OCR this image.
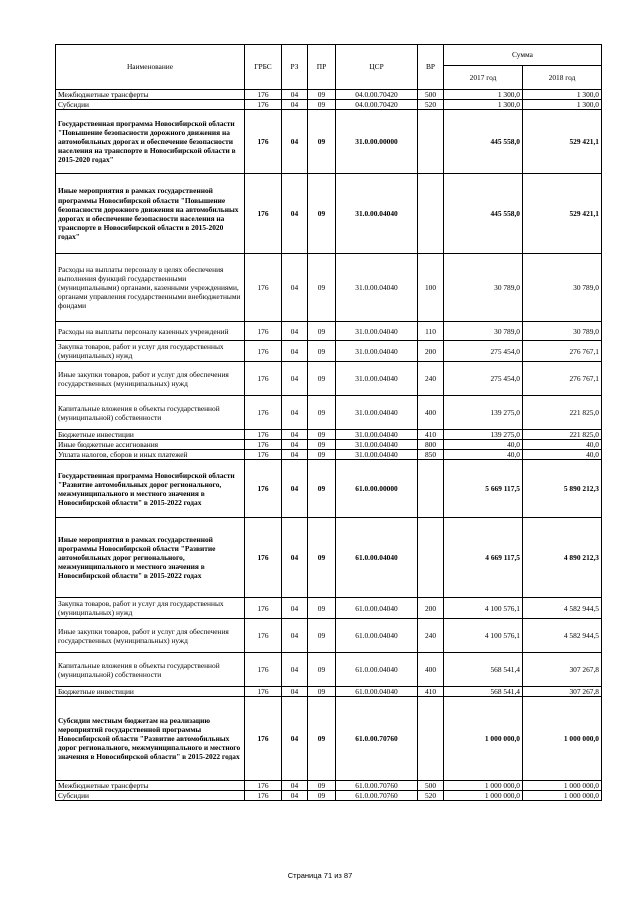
Наименование	ГРБС	РЗ	ПР	ЦСР	ВР	Сумма	
						2017 год	2018 год
Межбюджетные трансферты	176	04	09	04.0.00.70420	500	1 300,0	1 300,0
Субсидии	176	04	09	04.0.00.70420	520	1 300,0	1 300,0
Государственная программа Новосибирской области "Повышение безопасности дорожного движения на автомобильных дорогах и обеспечение безопасности населения на транспорте в Новосибирской области в 2015-2020 годах"	176	04	09	31.0.00.00000		445 558,0	529 421,1
Иные мероприятия в рамках государственной программы Новосибирской области "Повышение безопасности дорожного движения на автомобильных дорогах и обеспечение безопасности населения на транспорте в Новосибирской области в 2015-2020 годах"	176	04	09	31.0.00.04040		445 558,0	529 421,1
Расходы на выплаты персоналу в целях обеспечения выполнения функций государственными (муниципальными) органами, казенными учреждениями, органами управления государственными внебюджетными фондами	176	04	09	31.0.00.04040	100	30 789,0	30 789,0
Расходы на выплаты персоналу казенных учреждений	176	04	09	31.0.00.04040	110	30 789,0	30 789,0
Закупка товаров, работ и услуг для государственных (муниципальных) нужд	176	04	09	31.0.00.04040	200	275 454,0	276 767,1
Иные закупки товаров, работ и услуг для обеспечения государственных (муниципальных) нужд	176	04	09	31.0.00.04040	240	275 454,0	276 767,1
Капитальные вложения в объекты государственной (муниципальной) собственности	176	04	09	31.0.00.04040	400	139 275,0	221 825,0
Бюджетные инвестиции	176	04	09	31.0.00.04040	410	139 275,0	221 825,0
Иные бюджетные ассигнования	176	04	09	31.0.00.04040	800	40,0	40,0
Уплата налогов, сборов и иных платежей	176	04	09	31.0.00.04040	850	40,0	40,0
Государственная программа Новосибирской области "Развитие автомобильных дорог регионального, межмуниципального и местного значения в Новосибирской области" в 2015-2022 годах	176	04	09	61.0.00.00000		5 669 117,5	5 890 212,3
Иные мероприятия в рамках государственной программы Новосибирской области "Развитие автомобильных дорог регионального, межмуниципального и местного значения в Новосибирской области" в 2015-2022 годах	176	04	09	61.0.00.04040		4 669 117,5	4 890 212,3
Закупка товаров, работ и услуг для государственных (муниципальных) нужд	176	04	09	61.0.00.04040	200	4 100 576,1	4 582 944,5
Иные закупки товаров, работ и услуг для обеспечения государственных (муниципальных) нужд	176	04	09	61.0.00.04040	240	4 100 576,1	4 582 944,5
Капитальные вложения в объекты государственной (муниципальной) собственности	176	04	09	61.0.00.04040	400	568 541,4	307 267,8
Бюджетные инвестиции	176	04	09	61.0.00.04040	410	568 541,4	307 267,8
Субсидии местным бюджетам на реализацию мероприятий государственной программы Новосибирской области "Развитие автомобильных дорог регионального, межмуниципального и местного значения в Новосибирской области" в 2015-2022 годах	176	04	09	61.0.00.70760		1 000 000,0	1 000 000,0
Межбюджетные трансферты	176	04	09	61.0.00.70760	500	1 000 000,0	1 000 000,0
Субсидии	176	04	09	61.0.00.70760	520	1 000 000,0	1 000 000,0
Страница 71 из 87
